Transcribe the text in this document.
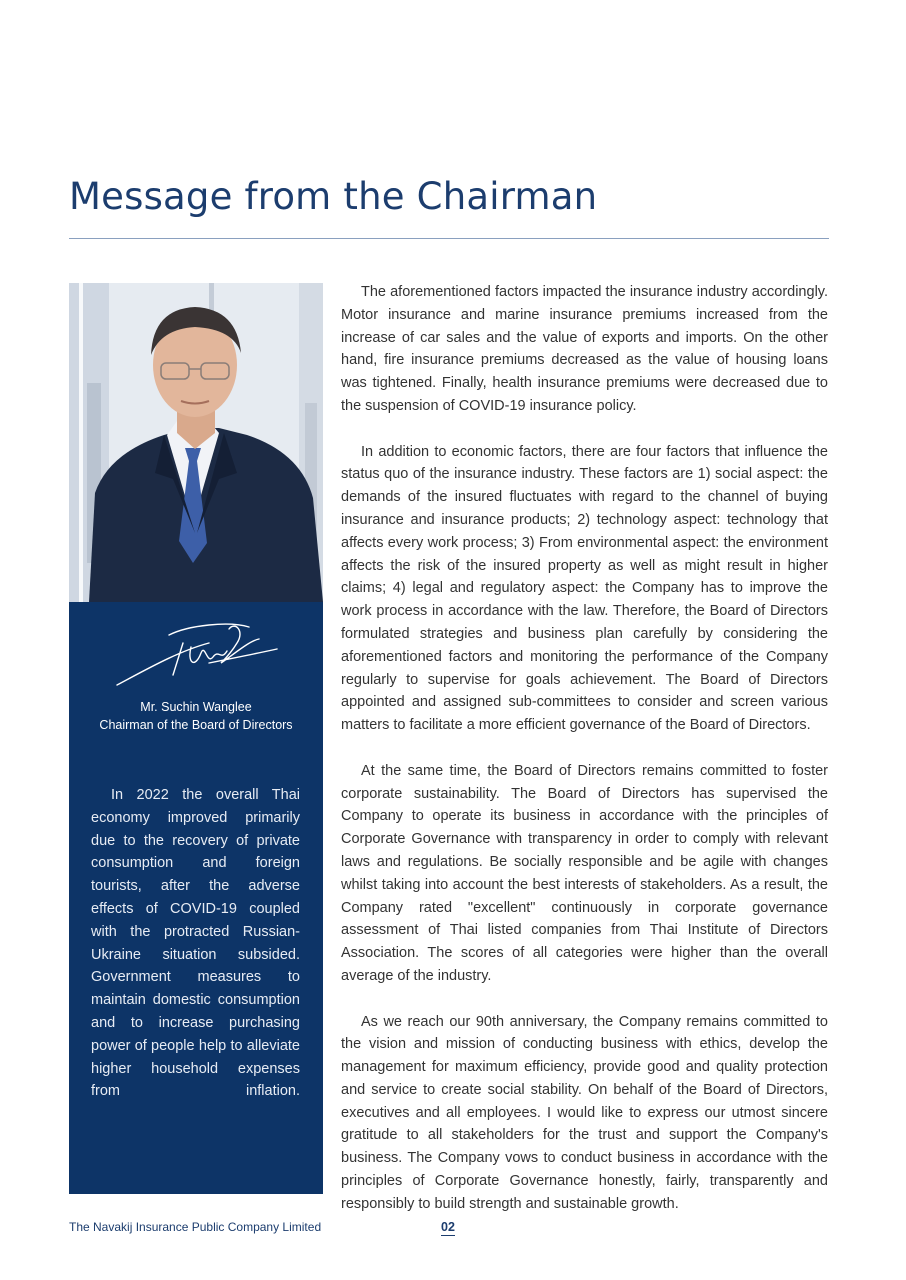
Message from the Chairman
Mr. Suchin Wanglee
Chairman of the Board of Directors

In 2022 the overall Thai economy improved primarily due to the recovery of private consumption and foreign tourists, after the adverse effects of COVID-19 coupled with the protracted Russian-Ukraine situation subsided. Government measures to maintain domestic consumption and to increase purchasing power of people help to alleviate higher household expenses from inflation.

The aforementioned factors impacted the insurance industry accordingly. Motor insurance and marine insurance premiums increased from the increase of car sales and the value of exports and imports. On the other hand, fire insurance premiums decreased as the value of housing loans was tightened. Finally, health insurance premiums were decreased due to the suspension of COVID-19 insurance policy.

In addition to economic factors, there are four factors that influence the status quo of the insurance industry. These factors are 1) social aspect: the demands of the insured fluctuates with regard to the channel of buying insurance and insurance products; 2) technology aspect: technology that affects every work process; 3) From environmental aspect: the environment affects the risk of the insured property as well as might result in higher claims; 4) legal and regulatory aspect: the Company has to improve the work process in accordance with the law. Therefore, the Board of Directors formulated strategies and business plan carefully by considering the aforementioned factors and monitoring the performance of the Company regularly to supervise for goals achievement. The Board of Directors appointed and assigned sub-committees to consider and screen various matters to facilitate a more efficient governance of the Board of Directors.

At the same time, the Board of Directors remains committed to foster corporate sustainability. The Board of Directors has supervised the Company to operate its business in accordance with the principles of Corporate Governance with transparency in order to comply with relevant laws and regulations. Be socially responsible and be agile with changes whilst taking into account the best interests of stakeholders. As a result, the Company rated "excellent" continuously in corporate governance assessment of Thai listed companies from Thai Institute of Directors Association. The scores of all categories were higher than the overall average of the industry.

As we reach our 90th anniversary, the Company remains committed to the vision and mission of conducting business with ethics, develop the management for maximum efficiency, provide good and quality protection and service to create social stability. On behalf of the Board of Directors, executives and all employees. I would like to express our utmost sincere gratitude to all stakeholders for the trust and support the Company's business. The Company vows to conduct business in accordance with the principles of Corporate Governance honestly, fairly, transparently and responsibly to build strength and sustainable growth.

The Navakij Insurance Public Company Limited	02
